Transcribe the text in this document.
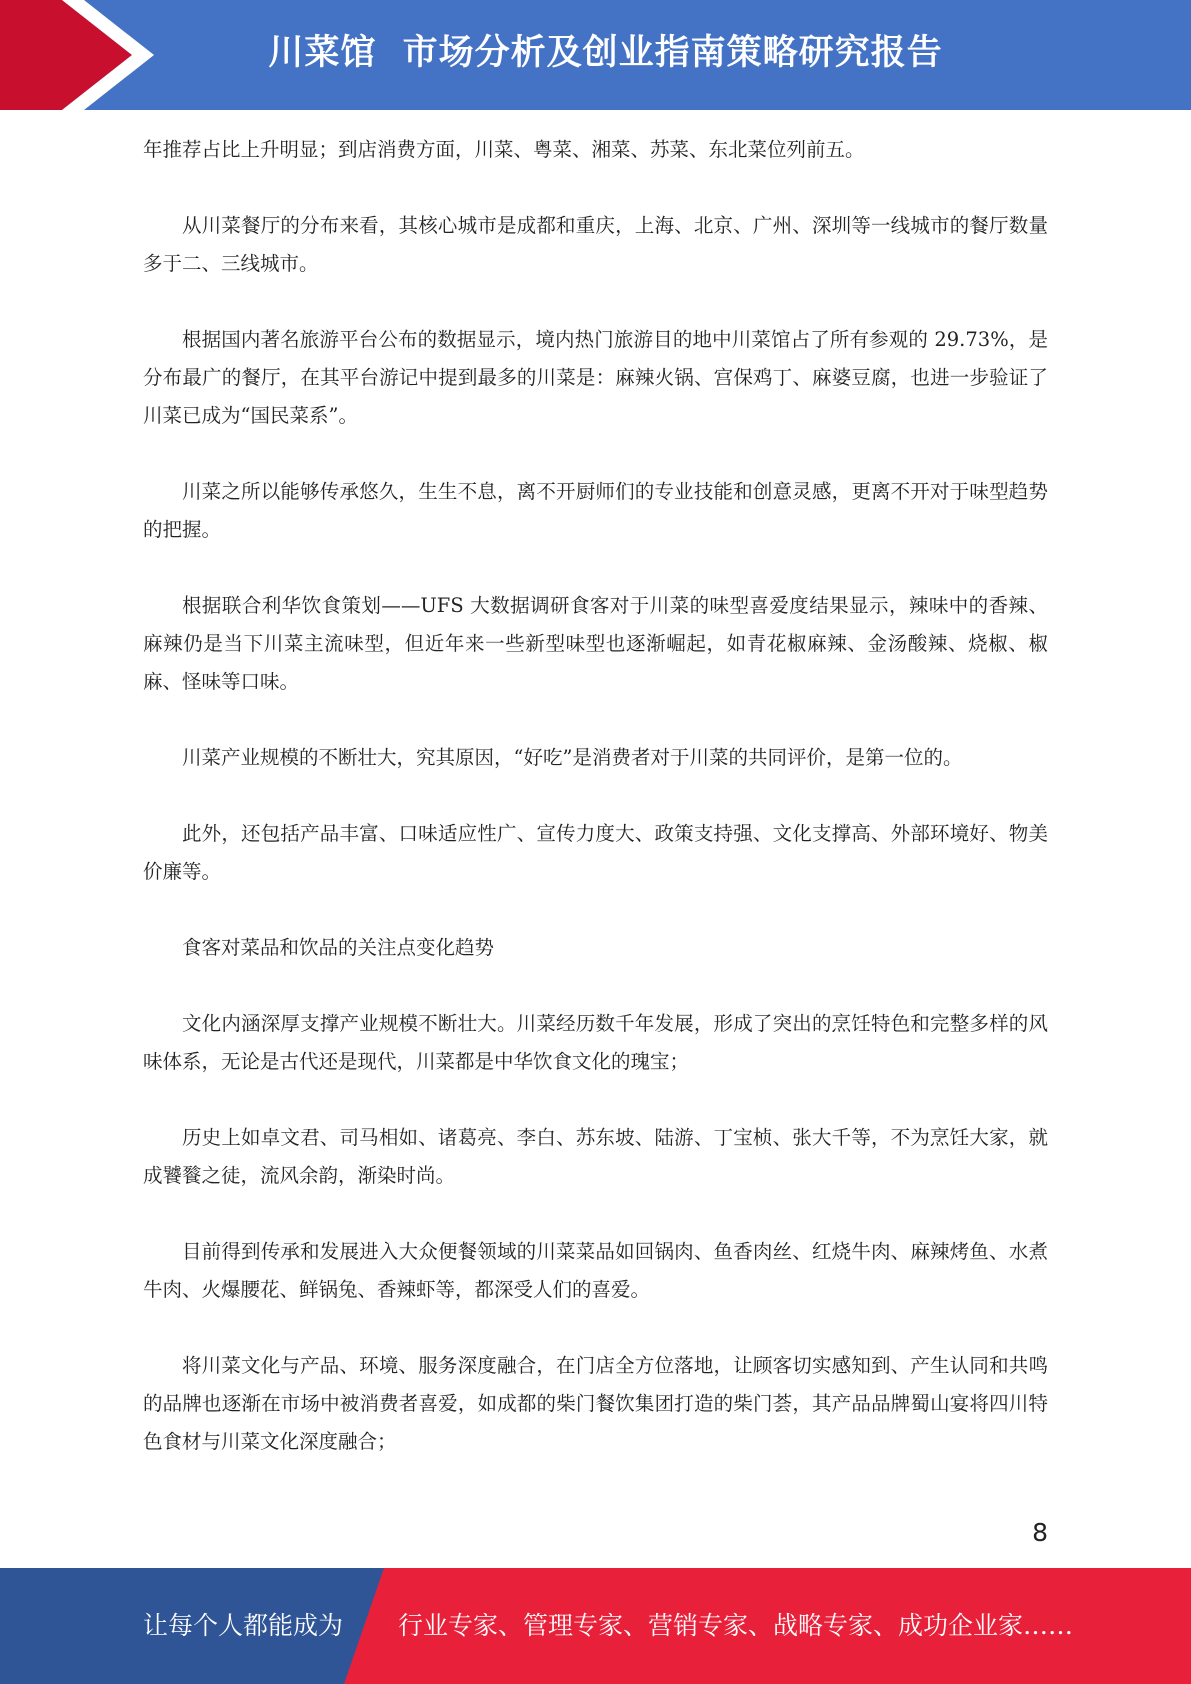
川菜馆  市场分析及创业指南策略研究报告

年推荐占比上升明显；到店消费方面，川菜、粤菜、湘菜、苏菜、东北菜位列前五。

从川菜餐厅的分布来看，其核心城市是成都和重庆，上海、北京、广州、深圳等一线城市的餐厅数量多于二、三线城市。

根据国内著名旅游平台公布的数据显示，境内热门旅游目的地中川菜馆占了所有参观的 29.73%，是分布最广的餐厅，在其平台游记中提到最多的川菜是：麻辣火锅、宫保鸡丁、麻婆豆腐，也进一步验证了川菜已成为“国民菜系”。

川菜之所以能够传承悠久，生生不息，离不开厨师们的专业技能和创意灵感，更离不开对于味型趋势的把握。

根据联合利华饮食策划——UFS 大数据调研食客对于川菜的味型喜爱度结果显示，辣味中的香辣、麻辣仍是当下川菜主流味型，但近年来一些新型味型也逐渐崛起，如青花椒麻辣、金汤酸辣、烧椒、椒麻、怪味等口味。

川菜产业规模的不断壮大，究其原因，“好吃”是消费者对于川菜的共同评价，是第一位的。

此外，还包括产品丰富、口味适应性广、宣传力度大、政策支持强、文化支撑高、外部环境好、物美价廉等。

食客对菜品和饮品的关注点变化趋势

文化内涵深厚支撑产业规模不断壮大。川菜经历数千年发展，形成了突出的烹饪特色和完整多样的风味体系，无论是古代还是现代，川菜都是中华饮食文化的瑰宝；

历史上如卓文君、司马相如、诸葛亮、李白、苏东坡、陆游、丁宝桢、张大千等，不为烹饪大家，就成饕餮之徒，流风余韵，渐染时尚。

目前得到传承和发展进入大众便餐领域的川菜菜品如回锅肉、鱼香肉丝、红烧牛肉、麻辣烤鱼、水煮牛肉、火爆腰花、鲜锅兔、香辣虾等，都深受人们的喜爱。

将川菜文化与产品、环境、服务深度融合，在门店全方位落地，让顾客切实感知到、产生认同和共鸣的品牌也逐渐在市场中被消费者喜爱，如成都的柴门餐饮集团打造的柴门荟，其产品品牌蜀山宴将四川特色食材与川菜文化深度融合；

8
让每个人都能成为 行业专家、管理专家、营销专家、战略专家、成功企业家……
